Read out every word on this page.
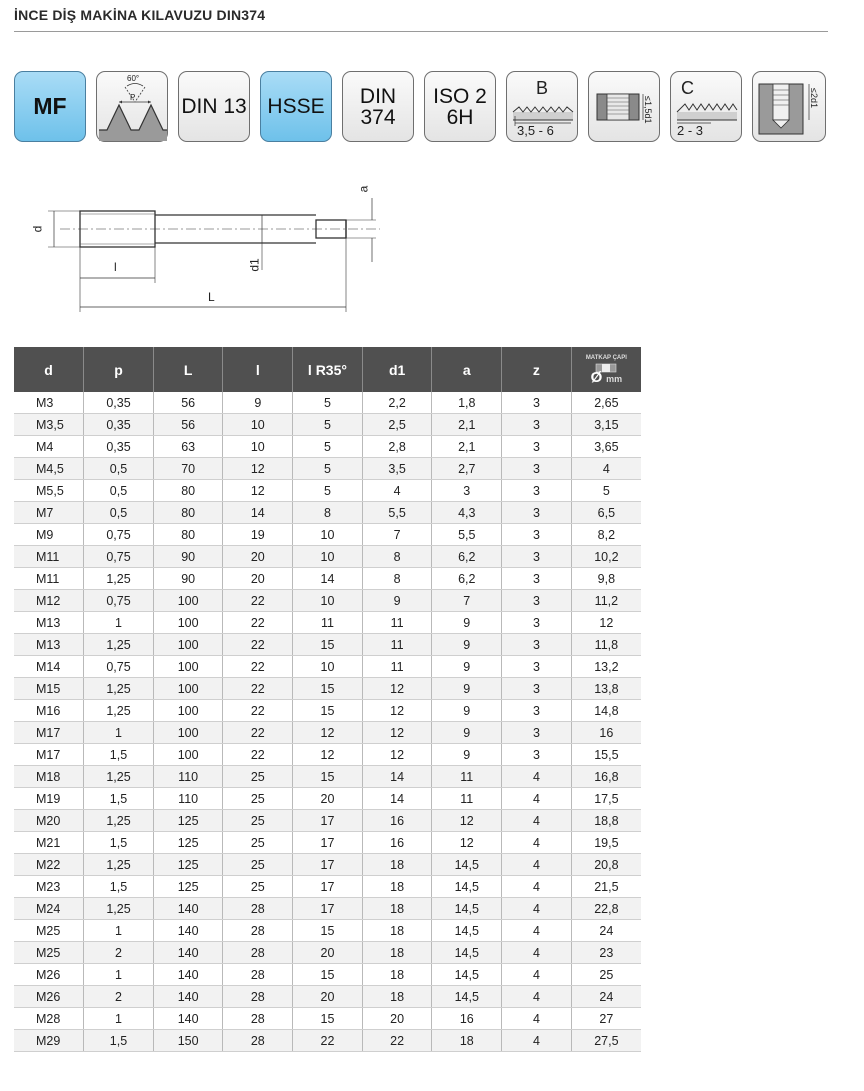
İNCE DİŞ MAKİNA KILAVUZU DIN374
MF
60°
P DIN 13 HSSE DIN
374
ISO 2
6H
B
3,5 - 6
≤1,5d1
C
2 - 3
≤2d1
d
l
L
d1
a
d	p	L	l	l R35°	d1	a	z	MATKAP ÇAPI
Ø mm
M3	0,35	56	9	5	2,2	1,8	3	2,65
M3,5	0,35	56	10	5	2,5	2,1	3	3,15
M4	0,35	63	10	5	2,8	2,1	3	3,65
M4,5	0,5	70	12	5	3,5	2,7	3	4
M5,5	0,5	80	12	5	4	3	3	5
M7	0,5	80	14	8	5,5	4,3	3	6,5
M9	0,75	80	19	10	7	5,5	3	8,2
M11	0,75	90	20	10	8	6,2	3	10,2
M11	1,25	90	20	14	8	6,2	3	9,8
M12	0,75	100	22	10	9	7	3	11,2
M13	1	100	22	11	11	9	3	12
M13	1,25	100	22	15	11	9	3	11,8
M14	0,75	100	22	10	11	9	3	13,2
M15	1,25	100	22	15	12	9	3	13,8
M16	1,25	100	22	15	12	9	3	14,8
M17	1	100	22	12	12	9	3	16
M17	1,5	100	22	12	12	9	3	15,5
M18	1,25	110	25	15	14	11	4	16,8
M19	1,5	110	25	20	14	11	4	17,5
M20	1,25	125	25	17	16	12	4	18,8
M21	1,5	125	25	17	16	12	4	19,5
M22	1,25	125	25	17	18	14,5	4	20,8
M23	1,5	125	25	17	18	14,5	4	21,5
M24	1,25	140	28	17	18	14,5	4	22,8
M25	1	140	28	15	18	14,5	4	24
M25	2	140	28	20	18	14,5	4	23
M26	1	140	28	15	18	14,5	4	25
M26	2	140	28	20	18	14,5	4	24
M28	1	140	28	15	20	16	4	27
M29	1,5	150	28	22	22	18	4	27,5
